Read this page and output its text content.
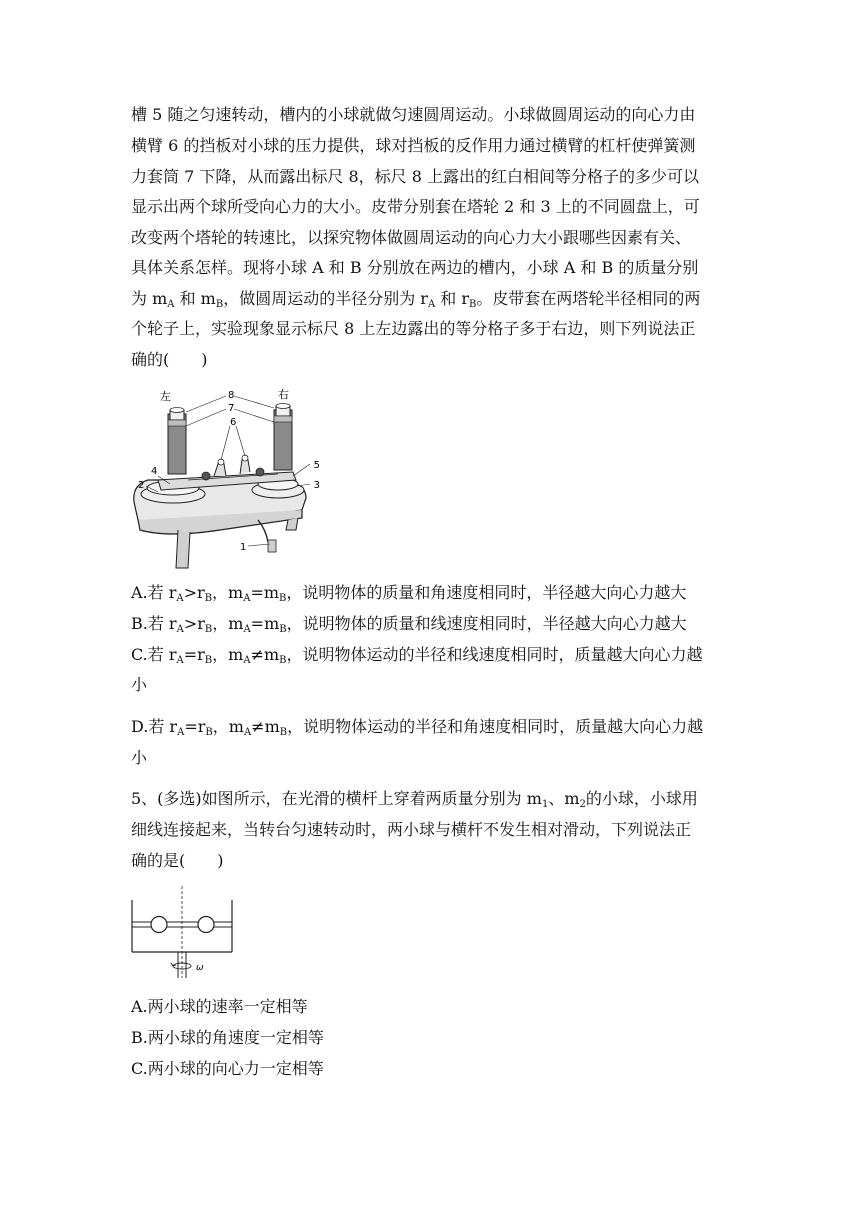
槽 5 随之匀速转动，槽内的小球就做匀速圆周运动。小球做圆周运动的向心力由
横臂 6 的挡板对小球的压力提供，球对挡板的反作用力通过横臂的杠杆使弹簧测
力套筒 7 下降，从而露出标尺 8，标尺 8 上露出的红白相间等分格子的多少可以
显示出两个球所受向心力的大小。皮带分别套在塔轮 2 和 3 上的不同圆盘上，可
改变两个塔轮的转速比，以探究物体做圆周运动的向心力大小跟哪些因素有关、
具体关系怎样。现将小球 A 和 B 分别放在两边的槽内，小球 A 和 B 的质量分别
为 $m_A$ 和 $m_B$，做圆周运动的半径分别为 $r_A$ 和 $r_B$。皮带套在两塔轮半径相同的两
个轮子上，实验现象显示标尺 8 上左边露出的等分格子多于右边，则下列说法正
确的(　　)
左	右
8
7
6
5
4
3
2
1
A.若 $r_A>r_B$，$m_A=m_B$，说明物体的质量和角速度相同时，半径越大向心力越大
B.若 $r_A>r_B$，$m_A=m_B$，说明物体的质量和线速度相同时，半径越大向心力越大
C.若 $r_A=r_B$，$m_A\ne m_B$，说明物体运动的半径和线速度相同时，质量越大向心力越
小
D.若 $r_A=r_B$，$m_A\ne m_B$，说明物体运动的半径和角速度相同时，质量越大向心力越
小
5、(多选)如图所示，在光滑的横杆上穿着两质量分别为 $m_1$、$m_2$的小球，小球用
细线连接起来，当转台匀速转动时，两小球与横杆不发生相对滑动，下列说法正
确的是(　　)
ω
A.两小球的速率一定相等
B.两小球的角速度一定相等
C.两小球的向心力一定相等
